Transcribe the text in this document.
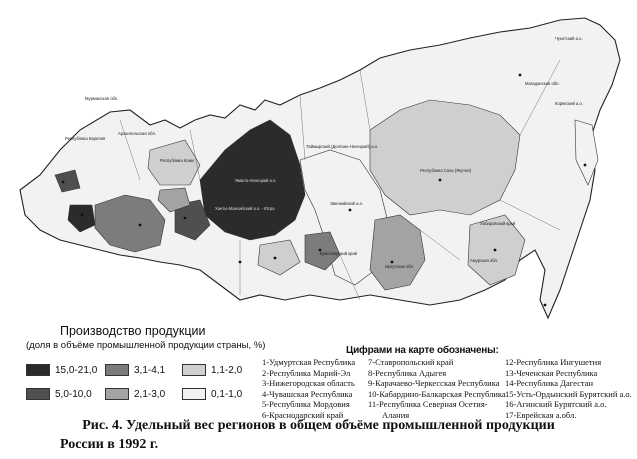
Республика Саха (Якутия)
Таймырский (Долгано-Ненецкий) а.о.
Эвенкийский а.о.
Ямало-Ненецкий а.о.
Ханты-Мансийский а.о. - Югра
Красноярский край
Иркутская обл.
Чукотский а.о.
Магаданская обл.
Корякский а.о.
Хабаровский край
Амурская обл.
Республика Коми
Архангельская обл.
Мурманская обл.
Республика Карелия
Производство продукции
(доля в объёме промышленной продукции страны, %)
15,0-21,0
5,0-10,0
3,1-4,1
2,1-3,0
1,1-2,0
0,1-1,0
Цифрами на карте обозначены:
1-Удмуртская Республика
2-Республика Марий-Эл
3-Нижегородская область
4-Чувашская Республика
5-Республика Мордовия
6-Краснодарский край
7-Ставропольский край
8-Республика Адыгея
9-Карачаево-Черкесская Республика
10-Кабардино-Балкарская Республика
11-Республика Северная Осетия-
Алания
12-Республика Ингушетия
13-Чеченская Республика
14-Республика Дагестан
15-Усть-Ордынский Бурятский а.о.
16-Агинский Бурятский а.о.
17-Еврейская а.обл.
Рис. 4. Удельный вес регионов в общем объёме промышленной продукции
России в 1992 г.
